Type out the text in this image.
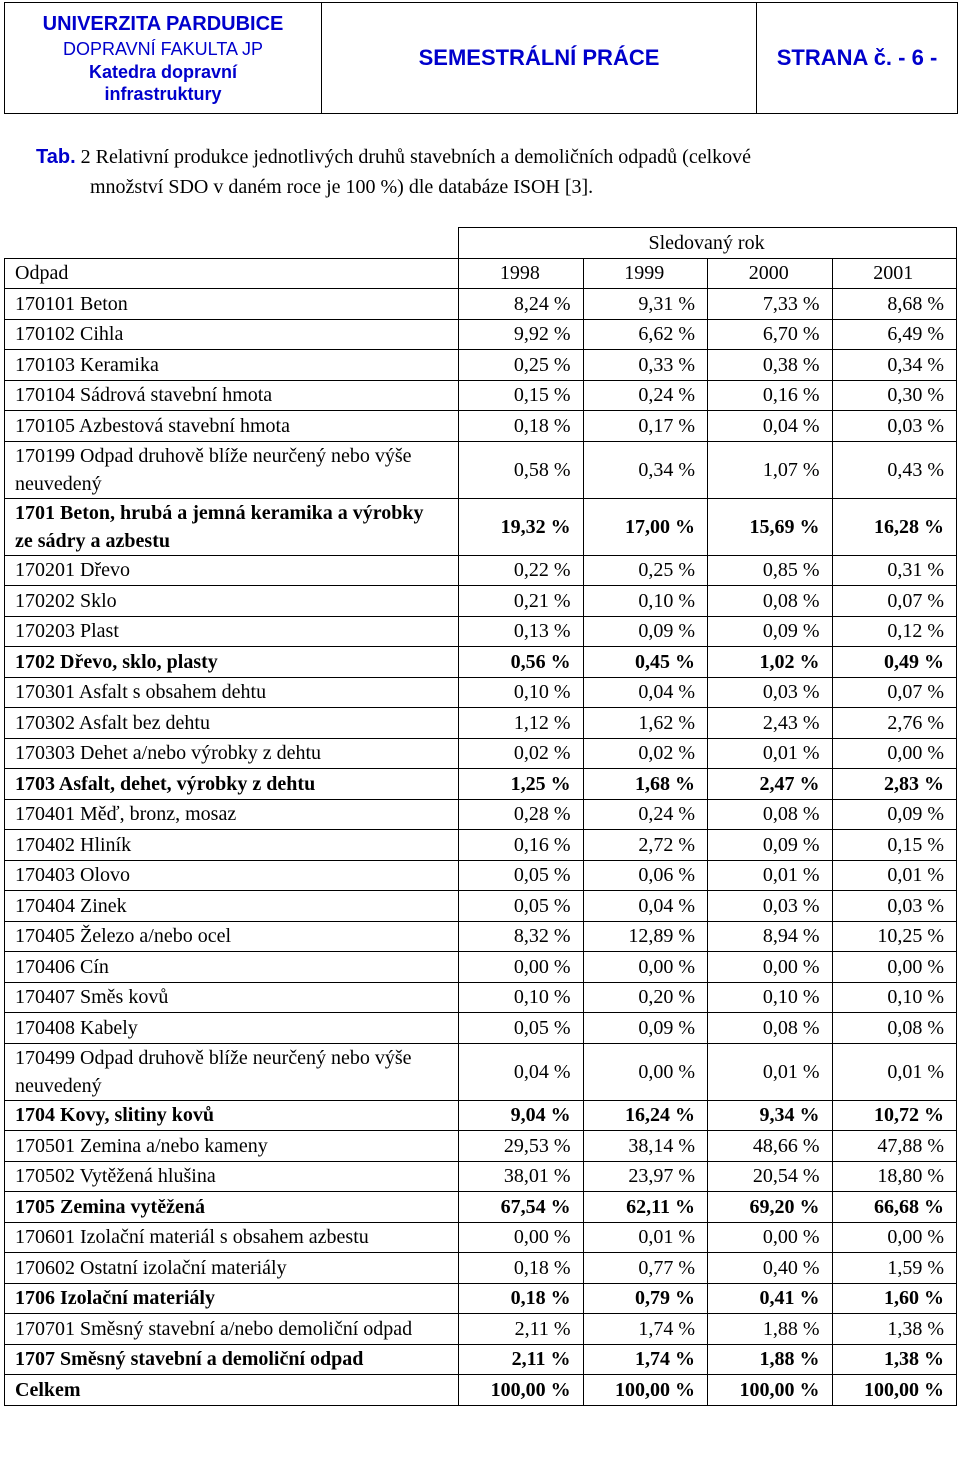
UNIVERZITA PARDUBICE
DOPRAVNÍ FAKULTA JP
Katedra dopravní
infrastruktury
	SEMESTRÁLNÍ PRÁCE	STRANA č. - 6 -
Tab. 2 Relativní produkce jednotlivých druhů stavebních a demoličních odpadů (celkové
množství SDO v daném roce je 100 %) dle databáze ISOH [3].
	Sledovaný rok			
Odpad	1998	1999	2000	2001
170101 Beton	8,24 %	9,31 %	7,33 %	8,68 %
170102 Cihla	9,92 %	6,62 %	6,70 %	6,49 %
170103 Keramika	0,25 %	0,33 %	0,38 %	0,34 %
170104 Sádrová stavební hmota	0,15 %	0,24 %	0,16 %	0,30 %
170105 Azbestová stavební hmota	0,18 %	0,17 %	0,04 %	0,03 %
170199 Odpad druhově blíže neurčený nebo výše neuvedený	0,58 %	0,34 %	1,07 %	0,43 %
1701 Beton, hrubá a jemná keramika a výrobky ze sádry a azbestu	19,32 %	17,00 %	15,69 %	16,28 %
170201 Dřevo	0,22 %	0,25 %	0,85 %	0,31 %
170202 Sklo	0,21 %	0,10 %	0,08 %	0,07 %
170203 Plast	0,13 %	0,09 %	0,09 %	0,12 %
1702 Dřevo, sklo, plasty	0,56 %	0,45 %	1,02 %	0,49 %
170301 Asfalt s obsahem dehtu	0,10 %	0,04 %	0,03 %	0,07 %
170302 Asfalt bez dehtu	1,12 %	1,62 %	2,43 %	2,76 %
170303 Dehet a/nebo výrobky z dehtu	0,02 %	0,02 %	0,01 %	0,00 %
1703 Asfalt, dehet, výrobky z dehtu	1,25 %	1,68 %	2,47 %	2,83 %
170401 Měď, bronz, mosaz	0,28 %	0,24 %	0,08 %	0,09 %
170402 Hliník	0,16 %	2,72 %	0,09 %	0,15 %
170403 Olovo	0,05 %	0,06 %	0,01 %	0,01 %
170404 Zinek	0,05 %	0,04 %	0,03 %	0,03 %
170405 Železo a/nebo ocel	8,32 %	12,89 %	8,94 %	10,25 %
170406 Cín	0,00 %	0,00 %	0,00 %	0,00 %
170407 Směs kovů	0,10 %	0,20 %	0,10 %	0,10 %
170408 Kabely	0,05 %	0,09 %	0,08 %	0,08 %
170499 Odpad druhově blíže neurčený nebo výše neuvedený	0,04 %	0,00 %	0,01 %	0,01 %
1704 Kovy, slitiny kovů	9,04 %	16,24 %	9,34 %	10,72 %
170501 Zemina a/nebo kameny	29,53 %	38,14 %	48,66 %	47,88 %
170502 Vytěžená hlušina	38,01 %	23,97 %	20,54 %	18,80 %
1705 Zemina vytěžená	67,54 %	62,11 %	69,20 %	66,68 %
170601 Izolační materiál s obsahem azbestu	0,00 %	0,01 %	0,00 %	0,00 %
170602 Ostatní izolační materiály	0,18 %	0,77 %	0,40 %	1,59 %
1706 Izolační materiály	0,18 %	0,79 %	0,41 %	1,60 %
170701 Směsný stavební a/nebo demoliční odpad	2,11 %	1,74 %	1,88 %	1,38 %
1707 Směsný stavební a demoliční odpad	2,11 %	1,74 %	1,88 %	1,38 %
Celkem	100,00 %	100,00 %	100,00 %	100,00 %
